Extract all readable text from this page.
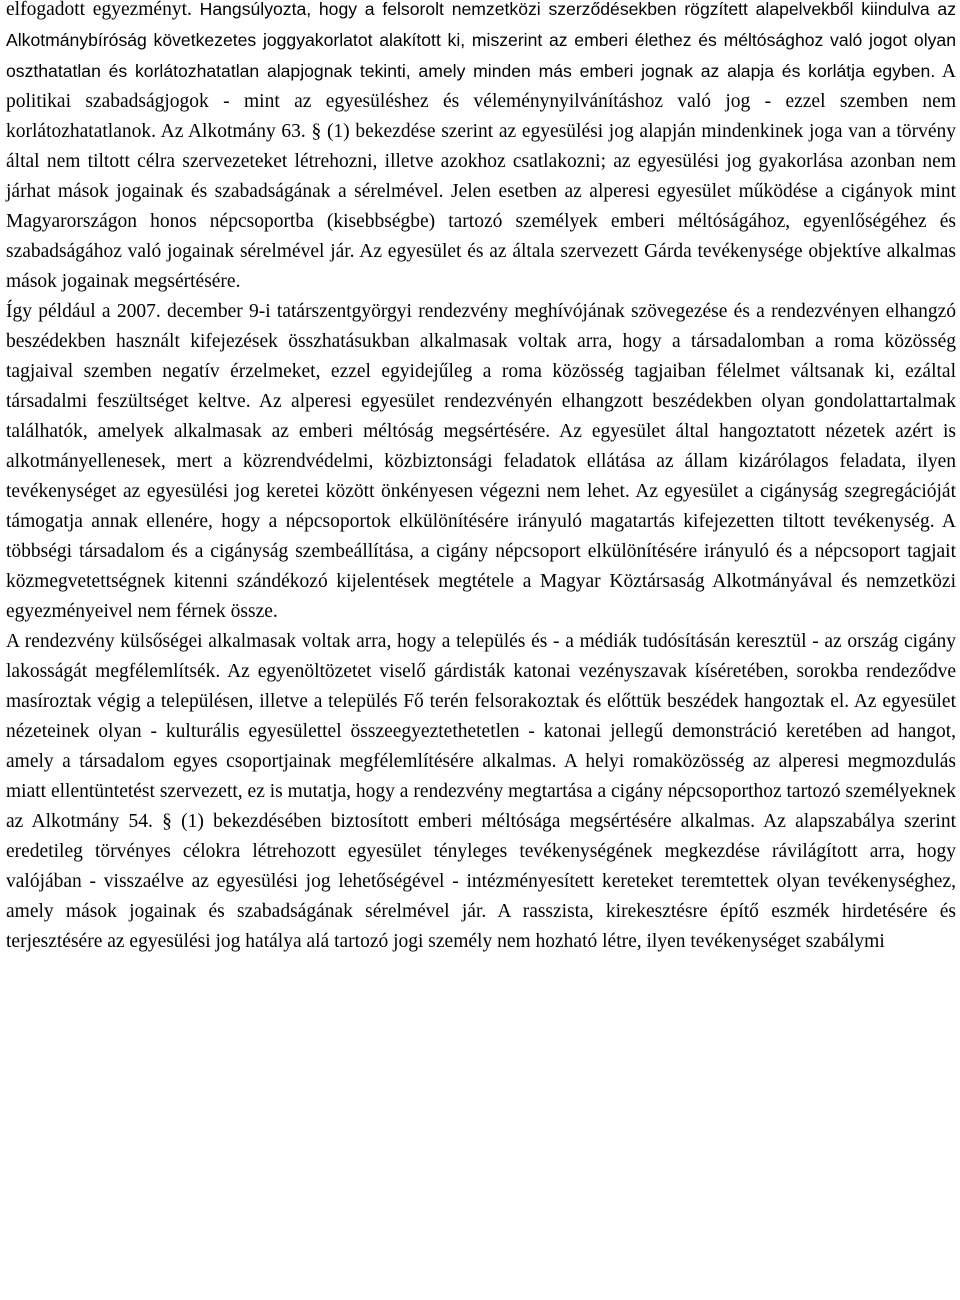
elfogadott egyezményt. Hangsúlyozta, hogy a felsorolt nemzetközi szerződésekben rögzített alapelvekből kiindulva az Alkotmánybíróság következetes joggyakorlatot alakított ki, miszerint az emberi élethez és méltósághoz való jogot olyan oszthatatlan és korlátozhatatlan alapjognak tekinti, amely minden más emberi jognak az alapja és korlátja egyben. A politikai szabadságjogok - mint az egyesüléshez és véleménynyilvánításhoz való jog - ezzel szemben nem korlátozhatatlanok. Az Alkotmány 63. § (1) bekezdése szerint az egyesülési jog alapján mindenkinek joga van a törvény által nem tiltott célra szervezeteket létrehozni, illetve azokhoz csatlakozni; az egyesülési jog gyakorlása azonban nem járhat mások jogainak és szabadságának a sérelmével. Jelen esetben az alperesi egyesület működése a cigányok mint Magyarországon honos népcsoportba (kisebbségbe) tartozó személyek emberi méltóságához, egyenlőségéhez és szabadságához való jogainak sérelmével jár. Az egyesület és az általa szervezett Gárda tevékenysége objektíve alkalmas mások jogainak megsértésére.

Így például a 2007. december 9-i tatárszentgyörgyi rendezvény meghívójának szövegezése és a rendezvényen elhangzó beszédekben használt kifejezések összhatásukban alkalmasak voltak arra, hogy a társadalomban a roma közösség tagjaival szemben negatív érzelmeket, ezzel egyidejűleg a roma közösség tagjaiban félelmet váltsanak ki, ezáltal társadalmi feszültséget keltve. Az alperesi egyesület rendezvényén elhangzott beszédekben olyan gondolattartalmak találhatók, amelyek alkalmasak az emberi méltóság megsértésére. Az egyesület által hangoztatott nézetek azért is alkotmányellenesek, mert a közrendvédelmi, közbiztonsági feladatok ellátása az állam kizárólagos feladata, ilyen tevékenységet az egyesülési jog keretei között önkényesen végezni nem lehet. Az egyesület a cigányság szegregációját támogatja annak ellenére, hogy a népcsoportok elkülönítésére irányuló magatartás kifejezetten tiltott tevékenység. A többségi társadalom és a cigányság szembeállítása, a cigány népcsoport elkülönítésére irányuló és a népcsoport tagjait közmegvetettségnek kitenni szándékozó kijelentések megtétele a Magyar Köztársaság Alkotmányával és nemzetközi egyezményeivel nem férnek össze.

A rendezvény külsőségei alkalmasak voltak arra, hogy a település és - a médiák tudósításán keresztül - az ország cigány lakosságát megfélemlítsék. Az egyenöltözetet viselő gárdisták katonai vezényszavak kíséretében, sorokba rendeződve masíroztak végig a településen, illetve a település Fő terén felsorakoztak és előttük beszédek hangoztak el. Az egyesület nézeteinek olyan - kulturális egyesülettel összeegyeztethetetlen - katonai jellegű demonstráció keretében ad hangot, amely a társadalom egyes csoportjainak megfélemlítésére alkalmas. A helyi romaközösség az alperesi megmozdulás miatt ellentüntetést szervezett, ez is mutatja, hogy a rendezvény megtartása a cigány népcsoporthoz tartozó személyeknek az Alkotmány 54. § (1) bekezdésében biztosított emberi méltósága megsértésére alkalmas. Az alapszabálya szerint eredetileg törvényes célokra létrehozott egyesület tényleges tevékenységének megkezdése rávilágított arra, hogy valójában - visszaélve az egyesülési jog lehetőségével - intézményesített kereteket teremtettek olyan tevékenységhez, amely mások jogainak és szabadságának sérelmével jár. A rasszista, kirekesztésre építő eszmék hirdetésére és terjesztésére az egyesülési jog hatálya alá tartozó jogi személy nem hozható létre, ilyen tevékenységet szabálymi
